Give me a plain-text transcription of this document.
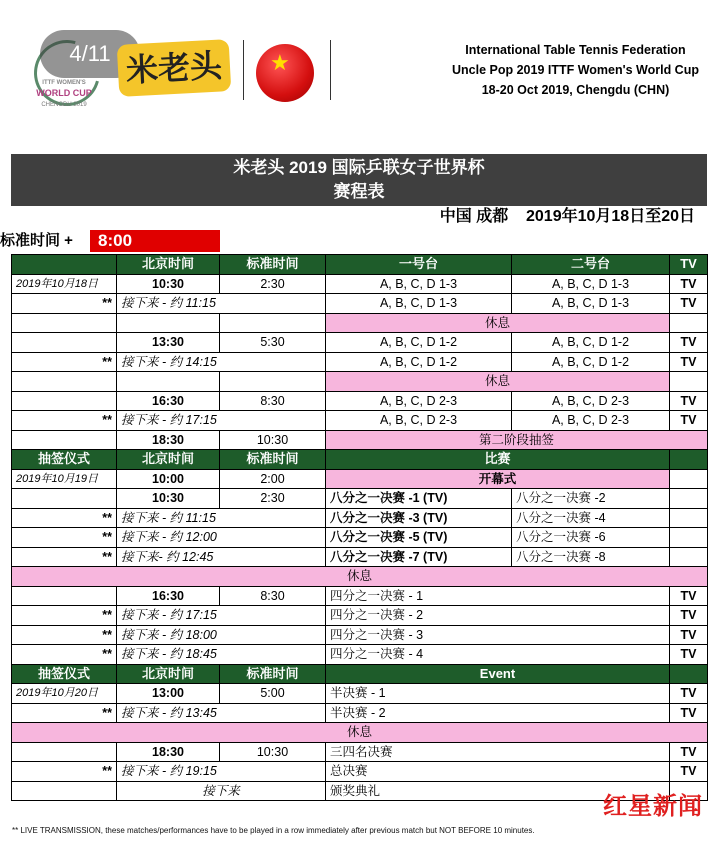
ITTF WOMEN'S
WORLD CUP
CHENGDU 2019
4/11 米老头	★	International Table Tennis Federation
Uncle Pop 2019 ITTF Women's World Cup
18-20 Oct 2019, Chengdu (CHN)
米老头 2019 国际乒联女子世界杯
赛程表
中国 成都    2019年10月18日至20日
标准时间 +	8:00
	北京时间	标准时间	一号台	二号台	TV
2019年10月18日	10:30	2:30	A, B, C, D 1-3	A, B, C, D 1-3	TV
**	接下来 - 约 11:15		A, B, C, D 1-3	A, B, C, D 1-3	TV
			休息		
	13:30	5:30	A, B, C, D 1-2	A, B, C, D 1-2	TV
**	接下来 - 约 14:15		A, B, C, D 1-2	A, B, C, D 1-2	TV
			休息		
	16:30	8:30	A, B, C, D 2-3	A, B, C, D 2-3	TV
**	接下来 - 约 17:15		A, B, C, D 2-3	A, B, C, D 2-3	TV
	18:30	10:30	第二阶段抽签		
抽签仪式	北京时间	标准时间	比赛		
2019年10月19日	10:00	2:00	开幕式		
	10:30	2:30	八分之一决赛 -1 (TV)	八分之一决赛 -2	
**	接下来 - 约 11:15		八分之一决赛 -3 (TV)	八分之一决赛 -4	
**	接下来 - 约 12:00		八分之一决赛 -5 (TV)	八分之一决赛 -6	
**	接下来- 约 12:45		八分之一决赛 -7 (TV)	八分之一决赛 -8	
休息					
	16:30	8:30	四分之一决赛 - 1		TV
**	接下来 - 约 17:15		四分之一决赛 - 2		TV
**	接下来 - 约 18:00		四分之一决赛 - 3		TV
**	接下来 - 约 18:45		四分之一决赛 - 4		TV
抽签仪式	北京时间	标准时间	Event		
2019年10月20日	13:00	5:00	半决赛 - 1		TV
**	接下来 - 约 13:45		半决赛 - 2		TV
休息					
	18:30	10:30	三四名决赛		TV
**	接下来 - 约 19:15		总决赛		TV
	接下来		颁奖典礼		
红星新闻
** LIVE TRANSMISSION, these matches/performances have to be played in a row immediately after previous match but NOT BEFORE 10 minutes.
